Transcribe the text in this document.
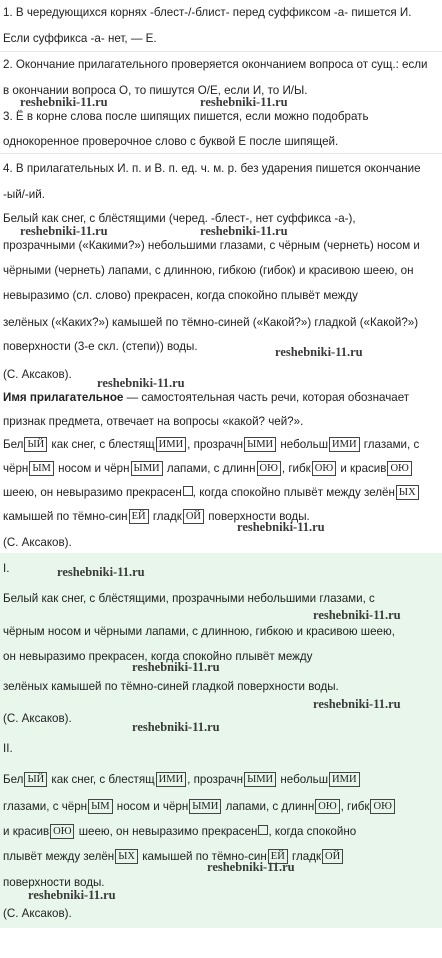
1. В чередующихся корнях -блест-/-блист- перед суффиксом -а- пишется И.
Если суффикса -а- нет, — Е.
2. Окончание прилагательного проверяется окончанием вопроса от сущ.: если
в окончании вопроса О, то пишутся О/Е, если И, то И/Ы.
3. Ё в корне слова после шипящих пишется, если можно подобрать
однокоренное проверочное слово с буквой Е после шипящей.
4. В прилагательных И. п. и В. п. ед. ч. м. р. без ударения пишется окончание
-ый/-ий.
Белый как снег, с блёстящими (черед. -блест-, нет суффикса -а-),
прозрачными («Какими?») небольшими глазами, с чёрным (чернеть) носом и
чёрными (чернеть) лапами, с длинною, гибкою (гибок) и красивою шеею, он
невыразимо (сл. слово) прекрасен, когда спокойно плывёт между
зелёных («Каких?») камышей по тёмно-синей («Какой?») гладкой («Какой?»)
поверхности (3-е скл. (степи)) воды.
(С. Аксаков).
Имя прилагательное — самостоятельная часть речи, которая обозначает
признак предмета, отвечает на вопросы «какой? чей?».
Бел ЫЙ как снег, с блестящ ИМИ , прозрачн ЫМИ небольш ИМИ глазами, с
чёрн ЫМ носом и чёрн ЫМИ лапами, с длинн ОЮ , гибк ОЮ и красив ОЮ
шеею, он невыразимо прекрасен , когда спокойно плывёт между зелён ЫХ
камышей по тёмно-син ЕЙ гладк ОЙ поверхности воды.
(С. Аксаков).
I.
Белый как снег, с блёстящими, прозрачными небольшими глазами, с
чёрным носом и чёрными лапами, с длинною, гибкою и красивою шеею,
он невыразимо прекрасен, когда спокойно плывёт между
зелёных камышей по тёмно-синей гладкой поверхности воды.
(С. Аксаков).
II.
Бел ЫЙ как снег, с блестящ ИМИ , прозрачн ЫМИ небольш ИМИ
глазами, с чёрн ЫМ носом и чёрн ЫМИ лапами, с длинн ОЮ , гибк ОЮ
и красив ОЮ шеею, он невыразимо прекрасен , когда спокойно
плывёт между зелён ЫХ камышей по тёмно-син ЕЙ гладк ОЙ
поверхности воды.
(С. Аксаков).
reshebniki-11.ru	reshebniki-11.ru
reshebniki-11.ru	reshebniki-11.ru
reshebniki-11.ru
reshebniki-11.ru
reshebniki-11.ru
reshebniki-11.ru
reshebniki-11.ru
reshebniki-11.ru
reshebniki-11.ru
reshebniki-11.ru
reshebniki-11.ru
reshebniki-11.ru
